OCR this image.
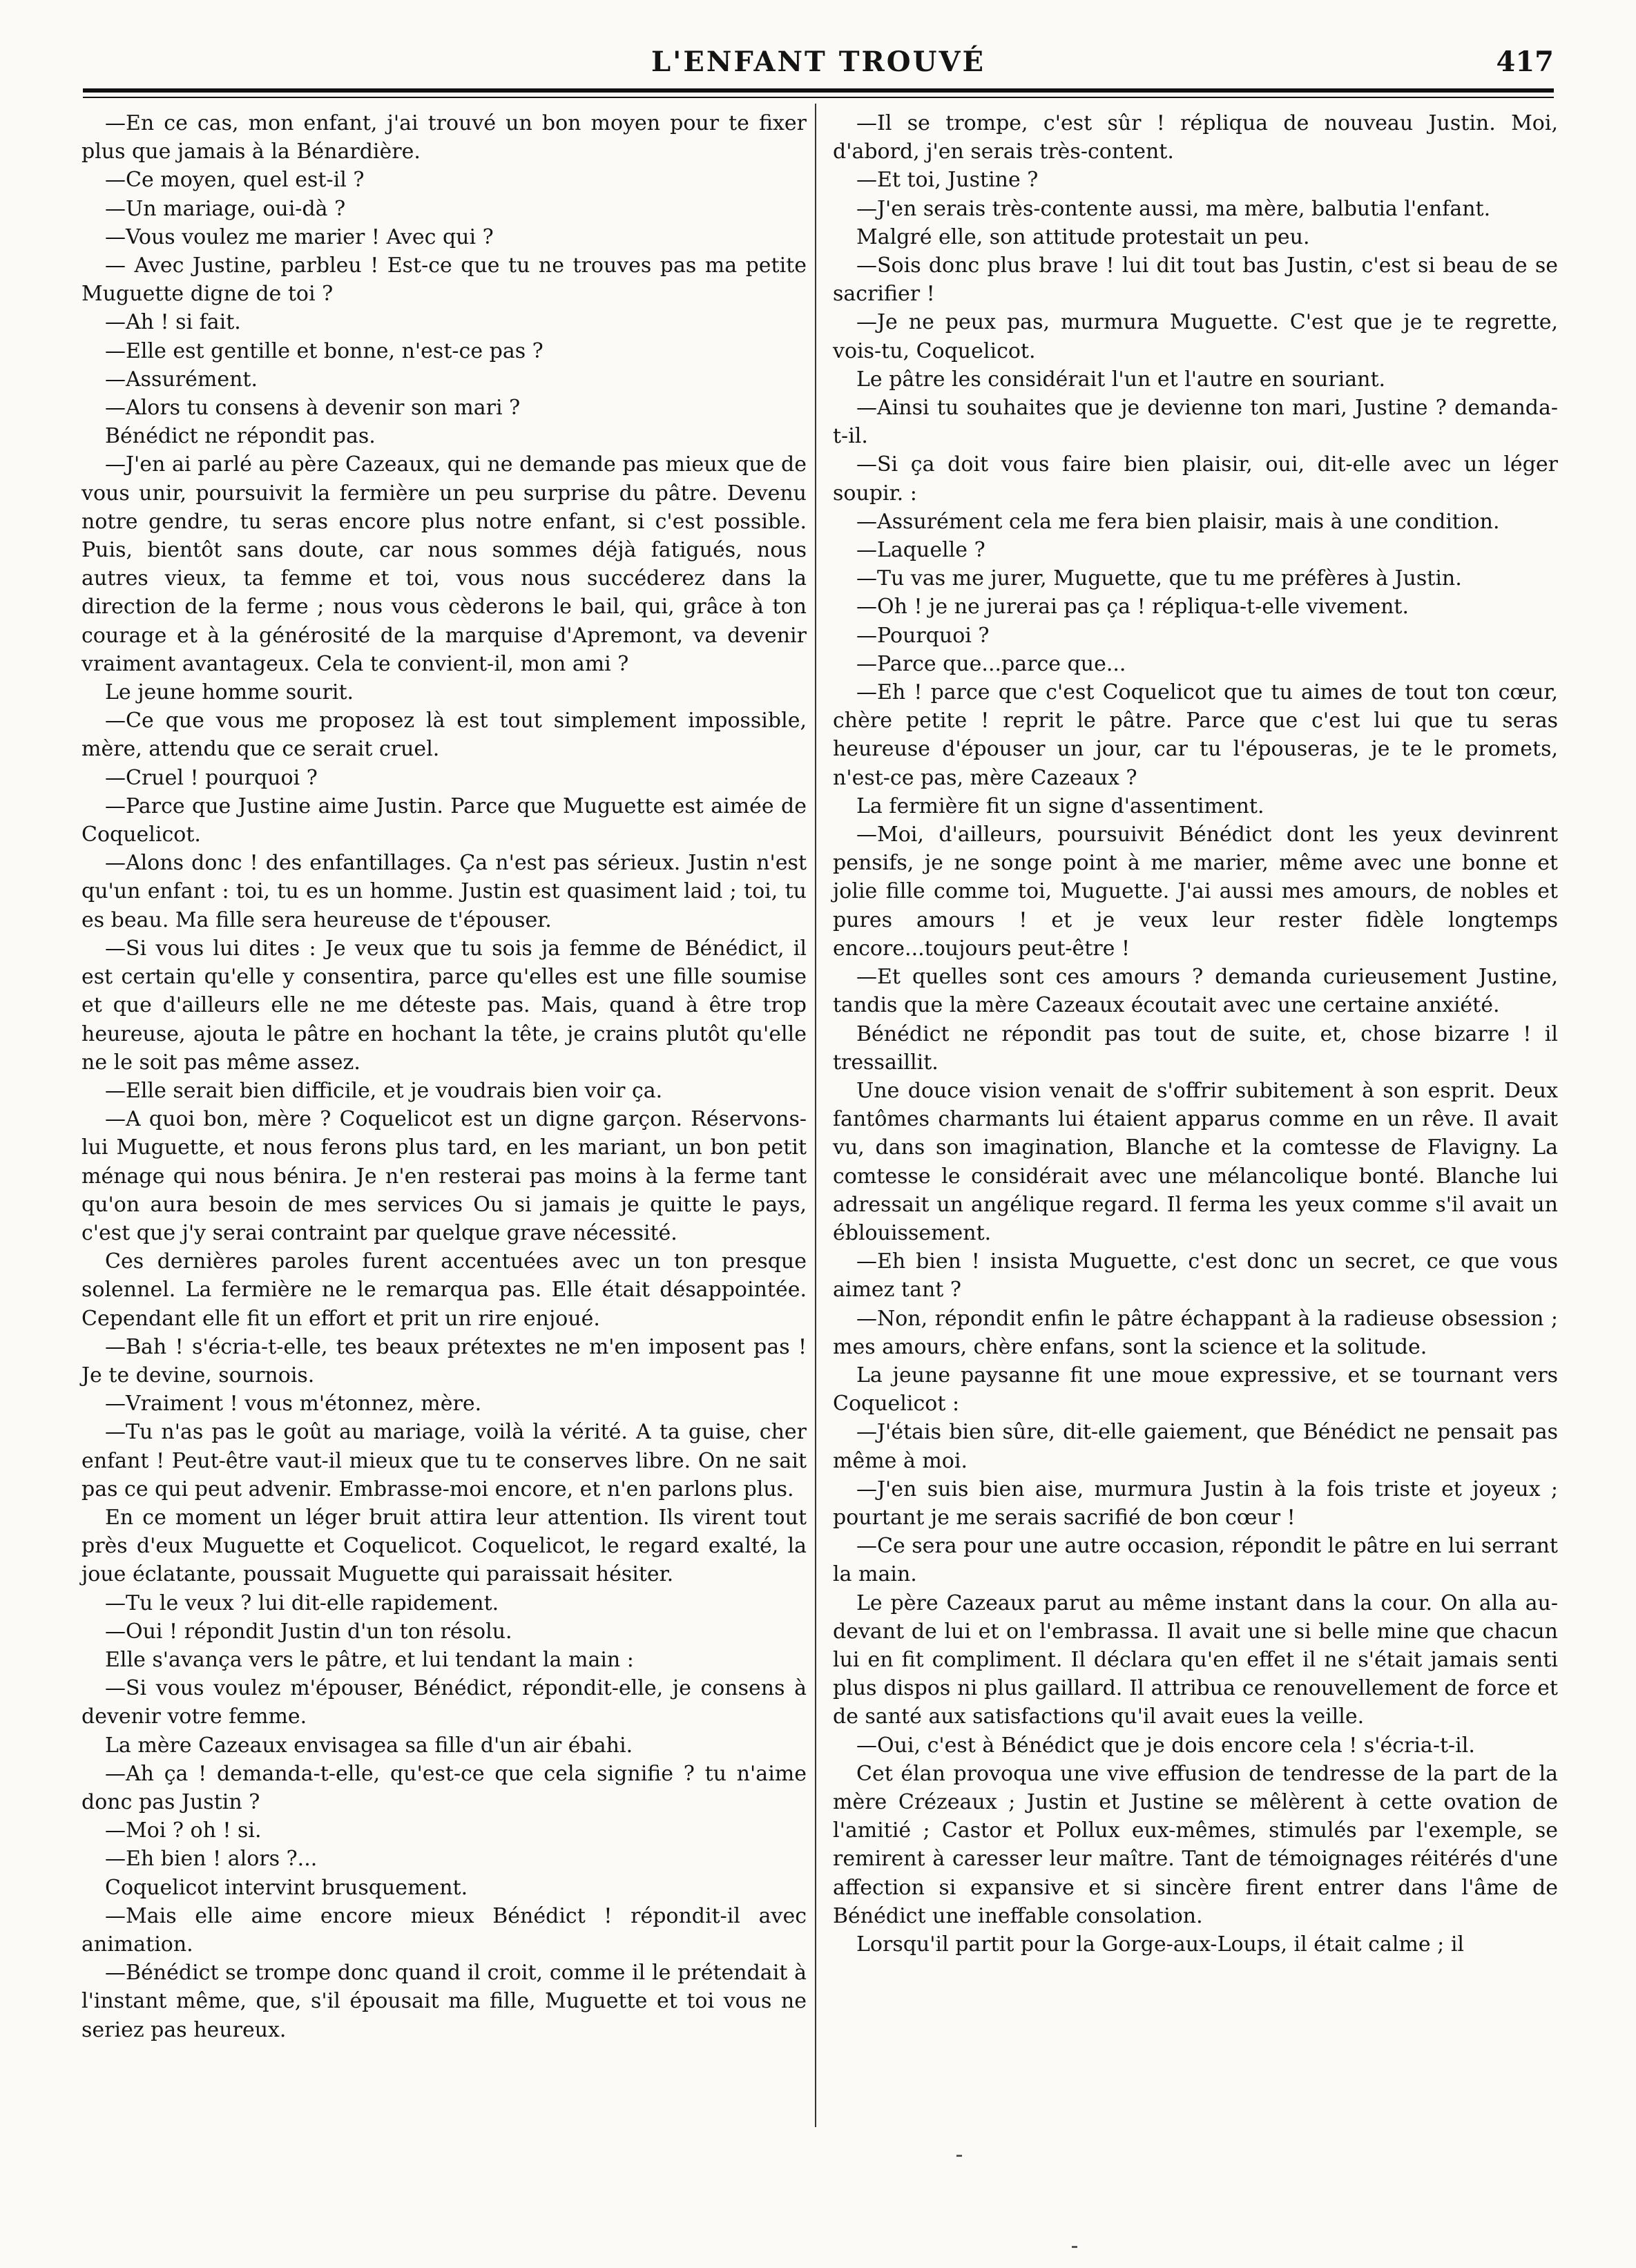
L'ENFANT TROUVÉ	417

—En ce cas, mon enfant, j'ai trouvé un bon moyen pour te fixer plus que jamais à la Bénardière.

—Ce moyen, quel est-il ?

—Un mariage, oui-dà ?

—Vous voulez me marier ! Avec qui ?

— Avec Justine, parbleu ! Est-ce que tu ne trouves pas ma petite Muguette digne de toi ?

—Ah ! si fait.

—Elle est gentille et bonne, n'est-ce pas ?

—Assurément.

—Alors tu consens à devenir son mari ?

Bénédict ne répondit pas.

—J'en ai parlé au père Cazeaux, qui ne demande pas mieux que de vous unir, poursuivit la fermière un peu surprise du pâtre. Devenu notre gendre, tu seras encore plus notre enfant, si c'est possible. Puis, bientôt sans doute, car nous sommes déjà fatigués, nous autres vieux, ta femme et toi, vous nous succéderez dans la direction de la ferme ; nous vous cèderons le bail, qui, grâce à ton courage et à la générosité de la marquise d'Apremont, va devenir vraiment avantageux. Cela te convient-il, mon ami ?

Le jeune homme sourit.

—Ce que vous me proposez là est tout simplement impossible, mère, attendu que ce serait cruel.

—Cruel ! pourquoi ?

—Parce que Justine aime Justin. Parce que Muguette est aimée de Coquelicot.

—Alons donc ! des enfantillages. Ça n'est pas sérieux. Justin n'est qu'un enfant : toi, tu es un homme. Justin est quasiment laid ; toi, tu es beau. Ma fille sera heureuse de t'épouser.

—Si vous lui dites : Je veux que tu sois ja femme de Bénédict, il est certain qu'elle y consentira, parce qu'elles est une fille soumise et que d'ailleurs elle ne me déteste pas. Mais, quand à être trop heureuse, ajouta le pâtre en hochant la tête, je crains plutôt qu'elle ne le soit pas même assez.

—Elle serait bien difficile, et je voudrais bien voir ça.

—A quoi bon, mère ? Coquelicot est un digne garçon. Réservons-lui Muguette, et nous ferons plus tard, en les mariant, un bon petit ménage qui nous bénira. Je n'en resterai pas moins à la ferme tant qu'on aura besoin de mes services Ou si jamais je quitte le pays, c'est que j'y serai contraint par quelque grave nécessité.

Ces dernières paroles furent accentuées avec un ton presque solennel. La fermière ne le remarqua pas. Elle était désappointée. Cependant elle fit un effort et prit un rire enjoué.

—Bah ! s'écria-t-elle, tes beaux prétextes ne m'en imposent pas ! Je te devine, sournois.

—Vraiment ! vous m'étonnez, mère.

—Tu n'as pas le goût au mariage, voilà la vérité. A ta guise, cher enfant ! Peut-être vaut-il mieux que tu te conserves libre. On ne sait pas ce qui peut advenir. Embrasse-moi encore, et n'en parlons plus.

En ce moment un léger bruit attira leur attention. Ils virent tout près d'eux Muguette et Coquelicot. Coquelicot, le regard exalté, la joue éclatante, poussait Muguette qui paraissait hésiter.

—Tu le veux ? lui dit-elle rapidement.

—Oui ! répondit Justin d'un ton résolu.

Elle s'avança vers le pâtre, et lui tendant la main :

—Si vous voulez m'épouser, Bénédict, répondit-elle, je consens à devenir votre femme.

La mère Cazeaux envisagea sa fille d'un air ébahi.

—Ah ça ! demanda-t-elle, qu'est-ce que cela signifie ? tu n'aime donc pas Justin ?

—Moi ? oh ! si.

—Eh bien ! alors ?...

Coquelicot intervint brusquement.

—Mais elle aime encore mieux Bénédict ! répondit-il avec animation.

—Bénédict se trompe donc quand il croit, comme il le prétendait à l'instant même, que, s'il épousait ma fille, Muguette et toi vous ne seriez pas heureux.

—Il se trompe, c'est sûr ! répliqua de nouveau Justin. Moi, d'abord, j'en serais très-content.

—Et toi, Justine ?

—J'en serais très-contente aussi, ma mère, balbutia l'enfant.

Malgré elle, son attitude protestait un peu.

—Sois donc plus brave ! lui dit tout bas Justin, c'est si beau de se sacrifier !

—Je ne peux pas, murmura Muguette. C'est que je te regrette, vois-tu, Coquelicot.

Le pâtre les considérait l'un et l'autre en souriant.

—Ainsi tu souhaites que je devienne ton mari, Justine ? demanda-t-il.

—Si ça doit vous faire bien plaisir, oui, dit-elle avec un léger soupir. :

—Assurément cela me fera bien plaisir, mais à une condition.

—Laquelle ?

—Tu vas me jurer, Muguette, que tu me préfères à Justin.

—Oh ! je ne jurerai pas ça ! répliqua-t-elle vivement.

—Pourquoi ?

—Parce que...parce que...

—Eh ! parce que c'est Coquelicot que tu aimes de tout ton cœur, chère petite ! reprit le pâtre. Parce que c'est lui que tu seras heureuse d'épouser un jour, car tu l'épouseras, je te le promets, n'est-ce pas, mère Cazeaux ?

La fermière fit un signe d'assentiment.

—Moi, d'ailleurs, poursuivit Bénédict dont les yeux devinrent pensifs, je ne songe point à me marier, même avec une bonne et jolie fille comme toi, Muguette. J'ai aussi mes amours, de nobles et pures amours ! et je veux leur rester fidèle longtemps encore...toujours peut-être !

—Et quelles sont ces amours ? demanda curieusement Justine, tandis que la mère Cazeaux écoutait avec une certaine anxiété.

Bénédict ne répondit pas tout de suite, et, chose bizarre ! il tressaillit.

Une douce vision venait de s'offrir subitement à son esprit. Deux fantômes charmants lui étaient apparus comme en un rêve. Il avait vu, dans son imagination, Blanche et la comtesse de Flavigny. La comtesse le considérait avec une mélancolique bonté. Blanche lui adressait un angélique regard. Il ferma les yeux comme s'il avait un éblouissement.

—Eh bien ! insista Muguette, c'est donc un secret, ce que vous aimez tant ?

—Non, répondit enfin le pâtre échappant à la radieuse obsession ; mes amours, chère enfans, sont la science et la solitude.

La jeune paysanne fit une moue expressive, et se tournant vers Coquelicot :

—J'étais bien sûre, dit-elle gaiement, que Bénédict ne pensait pas même à moi.

—J'en suis bien aise, murmura Justin à la fois triste et joyeux ; pourtant je me serais sacrifié de bon cœur !

—Ce sera pour une autre occasion, répondit le pâtre en lui serrant la main.

Le père Cazeaux parut au même instant dans la cour. On alla au-devant de lui et on l'embrassa. Il avait une si belle mine que chacun lui en fit compliment. Il déclara qu'en effet il ne s'était jamais senti plus dispos ni plus gaillard. Il attribua ce renouvellement de force et de santé aux satisfactions qu'il avait eues la veille.

—Oui, c'est à Bénédict que je dois encore cela ! s'écria-t-il.

Cet élan provoqua une vive effusion de tendresse de la part de la mère Crézeaux ; Justin et Justine se mêlèrent à cette ovation de l'amitié ; Castor et Pollux eux-mêmes, stimulés par l'exemple, se remirent à caresser leur maître. Tant de témoignages réitérés d'une affection si expansive et si sincère firent entrer dans l'âme de Bénédict une ineffable consolation.

Lorsqu'il partit pour la Gorge-aux-Loups, il était calme ; il
